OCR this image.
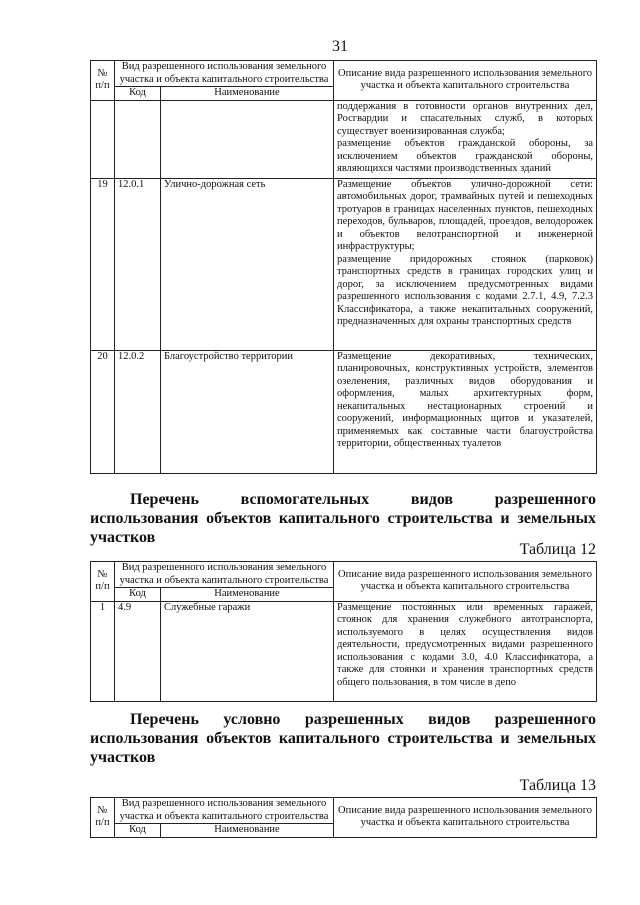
31
№ п/п	Вид разрешенного использования земельного участка и объекта капитального строительства		Описание вида разрешенного использования земельного участка и объекта капитального строительства
	Код	Наименование	

			поддержания в готовности органов внутренних дел, Росгвардии и спасательных служб, в которых существует военизированная служба;

размещение объектов гражданской обороны, за исключением объектов гражданской обороны, являющихся частями производственных зданий

19	12.0.1	Улично-дорожная сеть	Размещение объектов улично-дорожной сети: автомобильных дорог, трамвайных путей и пешеходных тротуаров в границах населенных пунктов, пешеходных переходов, бульваров, площадей, проездов, велодорожек и объектов велотранспортной и инженерной инфраструктуры;

размещение придорожных стоянок (парковок) транспортных средств в границах городских улиц и дорог, за исключением предусмотренных видами разрешенного использования с кодами 2.7.1, 4.9, 7.2.3 Классификатора, а также некапитальных сооружений, предназначенных для охраны транспортных средств

20	12.0.2	Благоустройство территории	Размещение декоративных, технических, планировочных, конструктивных устройств, элементов озеленения, различных видов оборудования и оформления, малых архитектурных форм, некапитальных нестационарных строений и сооружений, информационных щитов и указателей, применяемых как составные части благоустройства территории, общественных туалетов

Перечень вспомогательных видов разрешенного использования объектов капитального строительства и земельных участков
Таблица 12
№ п/п	Вид разрешенного использования земельного участка и объекта капитального строительства		Описание вида разрешенного использования земельного участка и объекта капитального строительства
	Код	Наименование	
1	4.9	Служебные гаражи	Размещение постоянных или временных гаражей, стоянок для хранения служебного автотранспорта, используемого в целях осуществления видов деятельности, предусмотренных видами разрешенного использования с кодами 3.0, 4.0 Классификатора, а также для стоянки и хранения транспортных средств общего пользования, в том числе в депо

Перечень условно разрешенных видов разрешенного использования объектов капитального строительства и земельных участков
Таблица 13
№ п/п	Вид разрешенного использования земельного участка и объекта капитального строительства		Описание вида разрешенного использования земельного участка и объекта капитального строительства
	Код	Наименование	
